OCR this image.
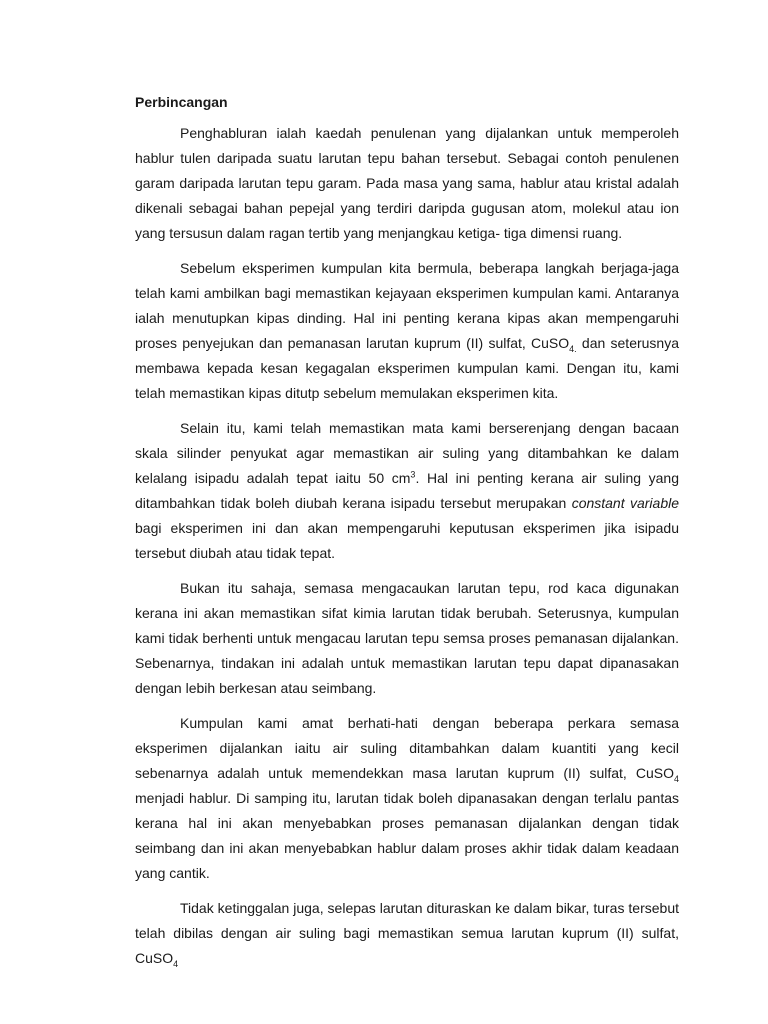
Perbincangan

Penghabluran ialah kaedah penulenan yang dijalankan untuk memperoleh hablur tulen daripada suatu larutan tepu bahan tersebut. Sebagai contoh penulenen garam daripada larutan tepu garam. Pada masa yang sama, hablur atau kristal adalah dikenali sebagai bahan pepejal yang terdiri daripda gugusan atom, molekul atau ion yang tersusun dalam ragan tertib yang menjangkau ketiga- tiga dimensi ruang.

Sebelum eksperimen kumpulan kita bermula, beberapa langkah berjaga-jaga telah kami ambilkan bagi memastikan kejayaan eksperimen kumpulan kami. Antaranya ialah menutupkan kipas dinding. Hal ini penting kerana kipas akan mempengaruhi proses penyejukan dan pemanasan larutan kuprum (II) sulfat, CuSO$_{4.}$ dan seterusnya membawa kepada kesan kegagalan eksperimen kumpulan kami. Dengan itu, kami telah memastikan kipas ditutp sebelum memulakan eksperimen kita.

Selain itu, kami telah memastikan mata kami berserenjang dengan bacaan skala silinder penyukat agar memastikan air suling yang ditambahkan ke dalam kelalang isipadu adalah tepat iaitu 50 $cm^3$. Hal ini penting kerana air suling yang ditambahkan tidak boleh diubah kerana isipadu tersebut merupakan constant variable bagi eksperimen ini dan akan mempengaruhi keputusan eksperimen jika isipadu tersebut diubah atau tidak tepat.

Bukan itu sahaja, semasa mengacaukan larutan tepu, rod kaca digunakan kerana ini akan memastikan sifat kimia larutan tidak berubah. Seterusnya, kumpulan kami tidak berhenti untuk mengacau larutan tepu semsa proses pemanasan dijalankan. Sebenarnya, tindakan ini adalah untuk memastikan larutan tepu dapat dipanasakan dengan lebih berkesan atau seimbang.

Kumpulan kami amat berhati-hati dengan beberapa perkara semasa eksperimen dijalankan iaitu air suling ditambahkan dalam kuantiti yang kecil sebenarnya adalah untuk memendekkan masa larutan kuprum (II) sulfat, CuSO$_4$ menjadi hablur. Di samping itu, larutan tidak boleh dipanasakan dengan terlalu pantas kerana hal ini akan menyebabkan proses pemanasan dijalankan dengan tidak seimbang dan ini akan menyebabkan hablur dalam proses akhir tidak dalam keadaan yang cantik.

Tidak ketinggalan juga, selepas larutan dituraskan ke dalam bikar, turas tersebut telah dibilas dengan air suling bagi memastikan semua larutan kuprum (II) sulfat, CuSO$_4$
